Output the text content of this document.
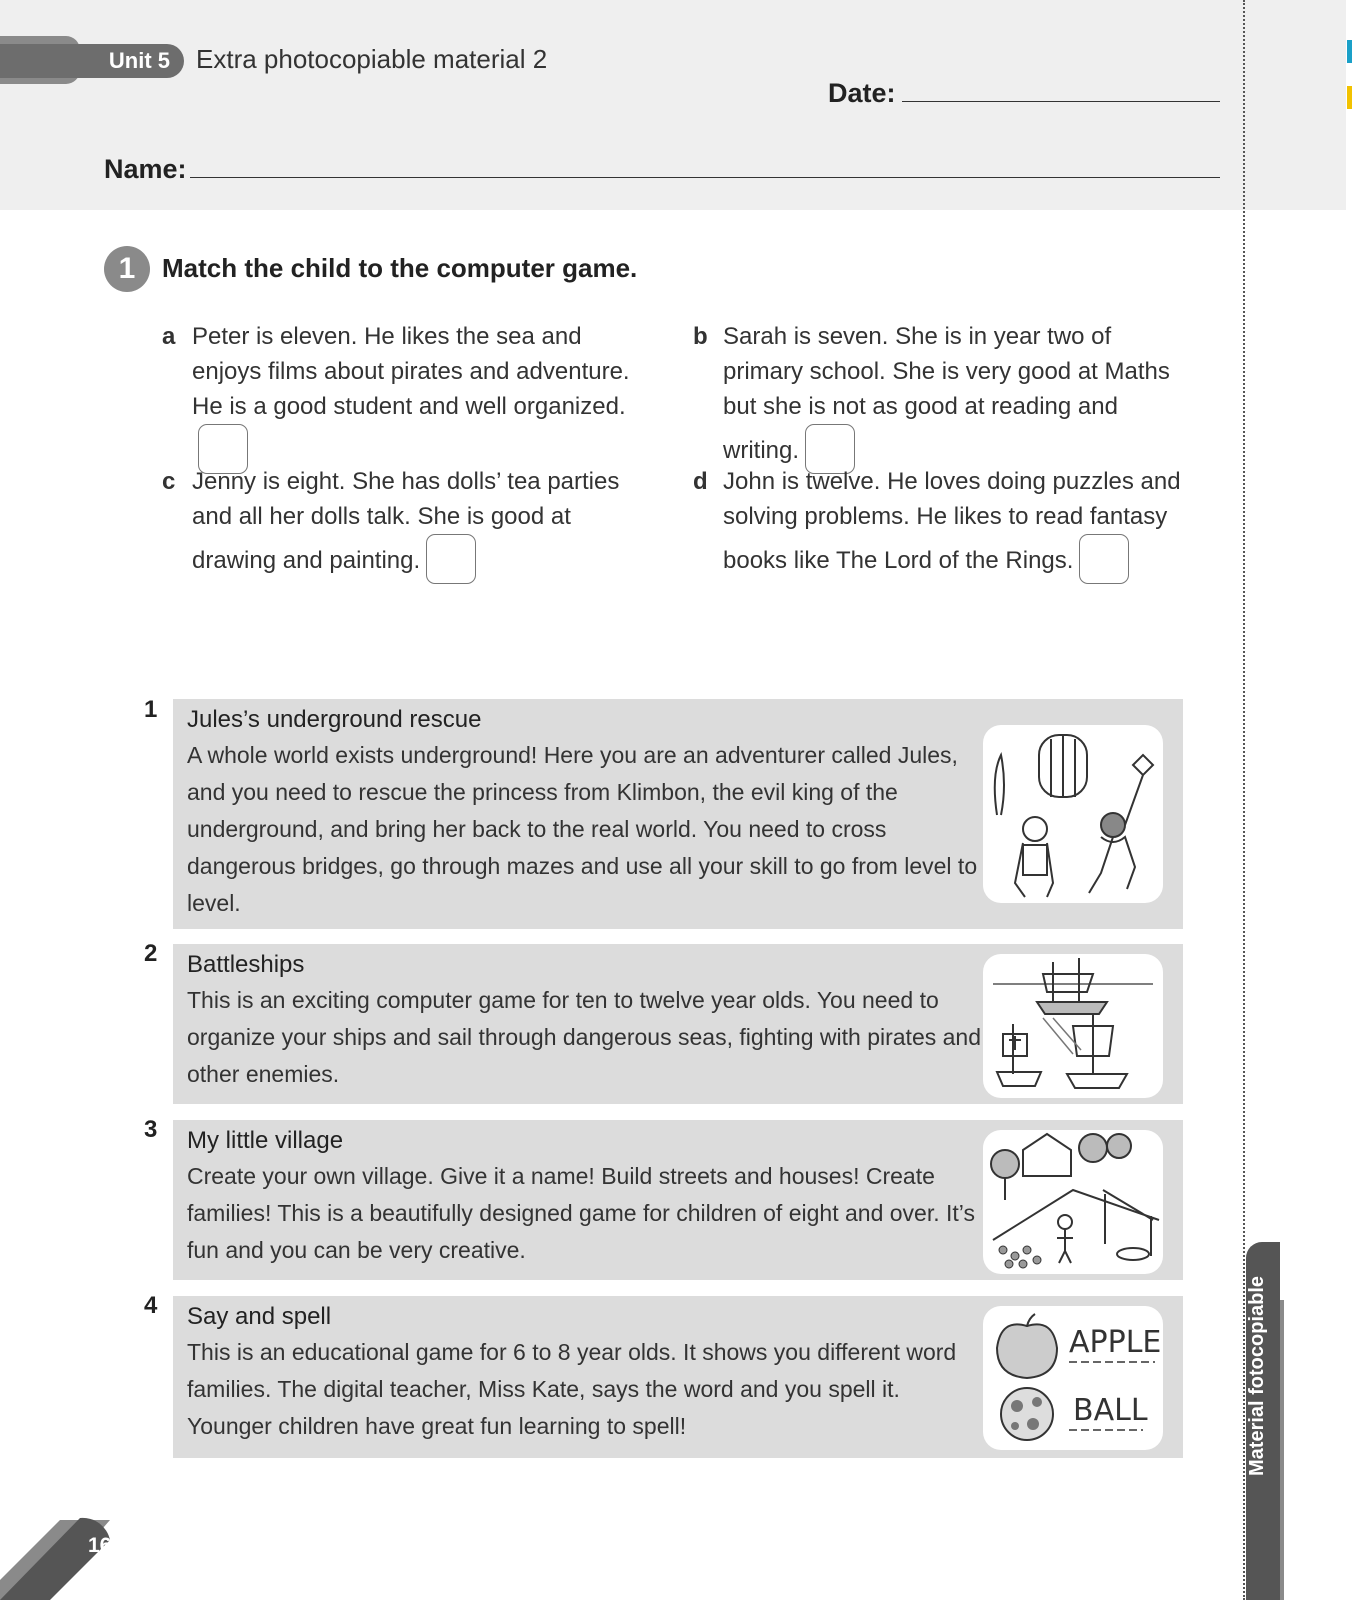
Unit 5	Extra photocopiable material 2
Date:
Name:
1	Match the child to the computer game.
a Peter is eleven. He likes the sea and enjoys films about pirates and adventure. He is a good student and well organized.
b Sarah is seven. She is in year two of primary school. She is very good at Maths but she is not as good at reading and writing.
c Jenny is eight. She has dolls’ tea parties and all her dolls talk. She is good at drawing and painting.
d John is twelve. He loves doing puzzles and solving problems. He likes to read fantasy books like The Lord of the Rings.
1 Jules’s underground rescue
A whole world exists underground! Here you are an adventurer called Jules, and you need to rescue the princess from Klimbon, the evil king of the underground, and bring her back to the real world. You need to cross dangerous bridges, go through mazes and use all your skill to go from level to level.
2 Battleships
This is an exciting computer game for ten to twelve year olds. You need to organize your ships and sail through dangerous seas, fighting with pirates and other enemies.
3 My little village
Create your own village. Give it a name! Build streets and houses! Create families! This is a beautifully designed game for children of eight and over. It’s fun and you can be very creative.
4 Say and spell
This is an educational game for 6 to 8 year olds. It shows you different word families. The digital teacher, Miss Kate, says the word and you spell it. Younger children have great fun learning to spell!
APPLE
BALL	Material fotocopiable
168
